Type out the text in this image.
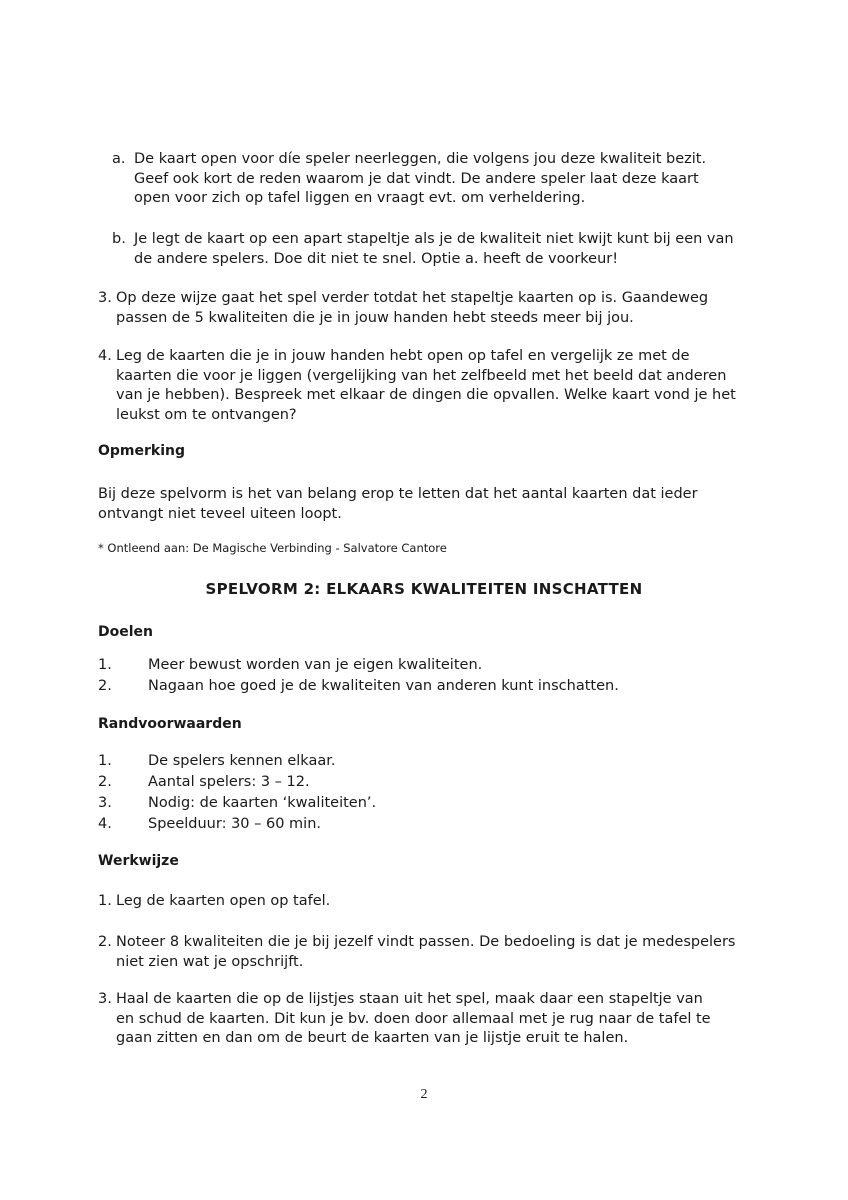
a. De kaart open voor díe speler neerleggen, die volgens jou deze kwaliteit bezit. Geef ook kort de reden waarom je dat vindt. De andere speler laat deze kaart open voor zich op tafel liggen en vraagt evt. om verheldering.
b. Je legt de kaart op een apart stapeltje als je de kwaliteit niet kwijt kunt bij een van de andere spelers. Doe dit niet te snel. Optie a. heeft de voorkeur!
3. Op deze wijze gaat het spel verder totdat het stapeltje kaarten op is. Gaandeweg passen de 5 kwaliteiten die je in jouw handen hebt steeds meer bij jou.
4. Leg de kaarten die je in jouw handen hebt open op tafel en vergelijk ze met de kaarten die voor je liggen (vergelijking van het zelfbeeld met het beeld dat anderen van je hebben). Bespreek met elkaar de dingen die opvallen. Welke kaart vond je het leukst om te ontvangen?
Opmerking
Bij deze spelvorm is het van belang erop te letten dat het aantal kaarten dat ieder ontvangt niet teveel uiteen loopt.
* Ontleend aan: De Magische Verbinding - Salvatore Cantore
SPELVORM 2: ELKAARS KWALITEITEN INSCHATTEN
Doelen
1. Meer bewust worden van je eigen kwaliteiten.
2. Nagaan hoe goed je de kwaliteiten van anderen kunt inschatten.
Randvoorwaarden
1. De spelers kennen elkaar.
2. Aantal spelers: 3 – 12.
3. Nodig: de kaarten ‘kwaliteiten’.
4. Speelduur: 30 – 60 min.
Werkwijze
1. Leg de kaarten open op tafel.
2. Noteer 8 kwaliteiten die je bij jezelf vindt passen. De bedoeling is dat je medespelers niet zien wat je opschrijft.
3. Haal de kaarten die op de lijstjes staan uit het spel, maak daar een stapeltje van en schud de kaarten. Dit kun je bv. doen door allemaal met je rug naar de tafel te gaan zitten en dan om de beurt de kaarten van je lijstje eruit te halen.
2
